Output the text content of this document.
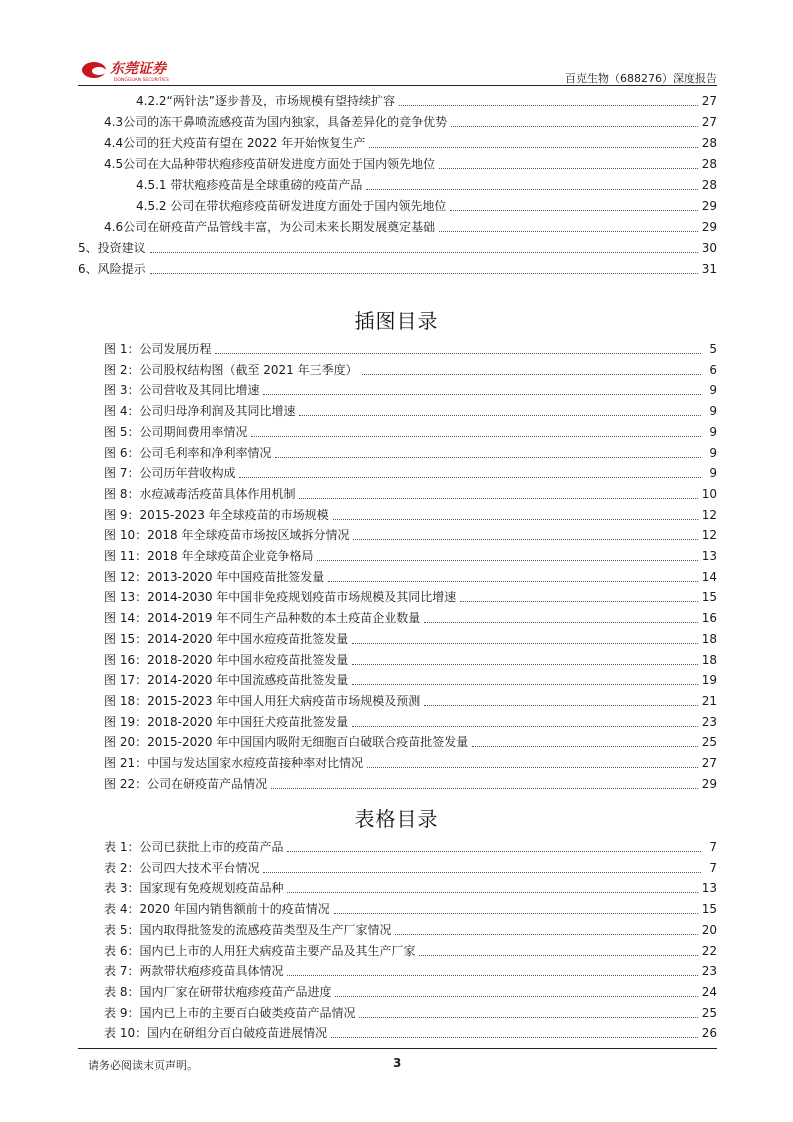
东莞证券
DONGGUAN SECURITIES	百克生物（688276）深度报告
4.2.2“两针法”逐步普及，市场规模有望持续扩容	27
4.3公司的冻干鼻喷流感疫苗为国内独家，具备差异化的竞争优势	27
4.4公司的狂犬疫苗有望在 2022 年开始恢复生产	28
4.5公司在大品种带状疱疹疫苗研发进度方面处于国内领先地位	28
4.5.1 带状疱疹疫苗是全球重磅的疫苗产品	28
4.5.2 公司在带状疱疹疫苗研发进度方面处于国内领先地位	29
4.6公司在研疫苗产品管线丰富，为公司未来长期发展奠定基础	29
5、投资建议	30
6、风险提示	31
插图目录
图 1：公司发展历程	5
图 2：公司股权结构图（截至 2021 年三季度）	6
图 3：公司营收及其同比增速	9
图 4：公司归母净利润及其同比增速	9
图 5：公司期间费用率情况	9
图 6：公司毛利率和净利率情况	9
图 7：公司历年营收构成	9
图 8：水痘减毒活疫苗具体作用机制	10
图 9：2015-2023 年全球疫苗的市场规模	12
图 10：2018 年全球疫苗市场按区域拆分情况	12
图 11：2018 年全球疫苗企业竞争格局	13
图 12：2013-2020 年中国疫苗批签发量	14
图 13：2014-2030 年中国非免疫规划疫苗市场规模及其同比增速	15
图 14：2014-2019 年不同生产品种数的本土疫苗企业数量	16
图 15：2014-2020 年中国水痘疫苗批签发量	18
图 16：2018-2020 年中国水痘疫苗批签发量	18
图 17：2014-2020 年中国流感疫苗批签发量	19
图 18：2015-2023 年中国人用狂犬病疫苗市场规模及预测	21
图 19：2018-2020 年中国狂犬疫苗批签发量	23
图 20：2015-2020 年中国国内吸附无细胞百白破联合疫苗批签发量	25
图 21：中国与发达国家水痘疫苗接种率对比情况	27
图 22：公司在研疫苗产品情况	29
表格目录
表 1：公司已获批上市的疫苗产品	7
表 2：公司四大技术平台情况	7
表 3：国家现有免疫规划疫苗品种	13
表 4：2020 年国内销售额前十的疫苗情况	15
表 5：国内取得批签发的流感疫苗类型及生产厂家情况	20
表 6：国内已上市的人用狂犬病疫苗主要产品及其生产厂家	22
表 7：两款带状疱疹疫苗具体情况	23
表 8：国内厂家在研带状疱疹疫苗产品进度	24
表 9：国内已上市的主要百白破类疫苗产品情况	25
表 10：国内在研组分百白破疫苗进展情况	26
请务必阅读末页声明。	3
